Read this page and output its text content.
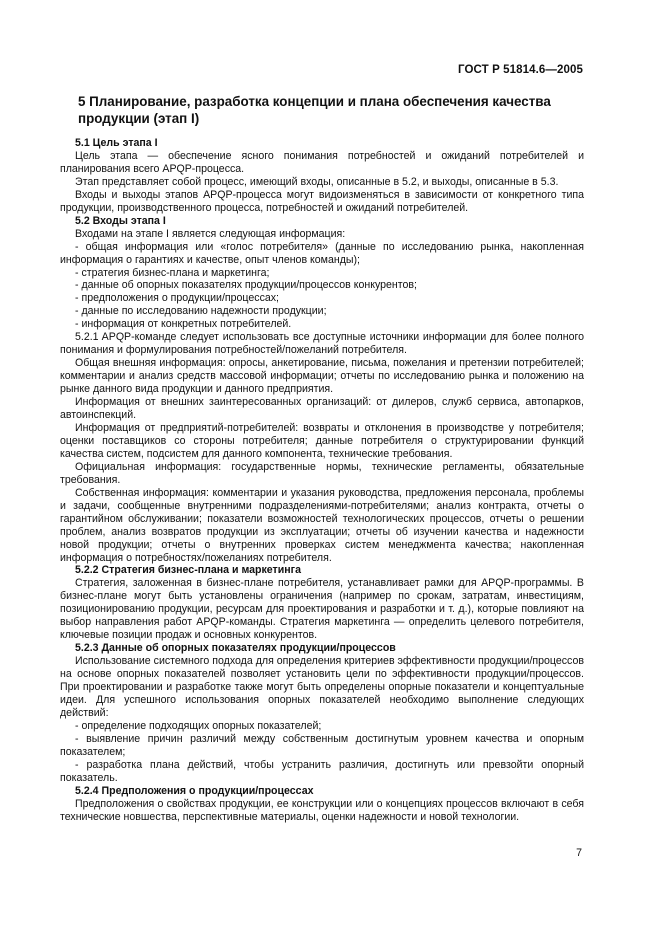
ГОСТ Р 51814.6—2005
5 Планирование, разработка концепции и плана обеспечения качества продукции (этап I)

5.1 Цель этапа I

Цель этапа — обеспечение ясного понимания потребностей и ожиданий потребителей и планирования всего APQP-процесса.

Этап представляет собой процесс, имеющий входы, описанные в 5.2, и выходы, описанные в 5.3.

Входы и выходы этапов APQP-процесса могут видоизменяться в зависимости от конкретного типа продукции, производственного процесса, потребностей и ожиданий потребителей.

5.2 Входы этапа I

Входами на этапе I является следующая информация:

- общая информация или «голос потребителя» (данные по исследованию рынка, накопленная информация о гарантиях и качестве, опыт членов команды);

- стратегия бизнес-плана и маркетинга;

- данные об опорных показателях продукции/процессов конкурентов;

- предположения о продукции/процессах;

- данные по исследованию надежности продукции;

- информация от конкретных потребителей.

5.2.1 APQP-команде следует использовать все доступные источники информации для более полного понимания и формулирования потребностей/пожеланий потребителя.

Общая внешняя информация: опросы, анкетирование, письма, пожелания и претензии потребителей; комментарии и анализ средств массовой информации; отчеты по исследованию рынка и положению на рынке данного вида продукции и данного предприятия.

Информация от внешних заинтересованных организаций: от дилеров, служб сервиса, автопарков, автоинспекций.

Информация от предприятий-потребителей: возвраты и отклонения в производстве у потребителя; оценки поставщиков со стороны потребителя; данные потребителя о структурировании функций качества систем, подсистем для данного компонента, технические требования.

Официальная информация: государственные нормы, технические регламенты, обязательные требования.

Собственная информация: комментарии и указания руководства, предложения персонала, проблемы и задачи, сообщенные внутренними подразделениями-потребителями; анализ контракта, отчеты о гарантийном обслуживании; показатели возможностей технологических процессов, отчеты о решении проблем, анализ возвратов продукции из эксплуатации; отчеты об изучении качества и надежности новой продукции; отчеты о внутренних проверках систем менеджмента качества; накопленная информация о потребностях/пожеланиях потребителя.

5.2.2 Стратегия бизнес-плана и маркетинга

Стратегия, заложенная в бизнес-плане потребителя, устанавливает рамки для APQP-программы. В бизнес-плане могут быть установлены ограничения (например по срокам, затратам, инвестициям, позиционированию продукции, ресурсам для проектирования и разработки и т. д.), которые повлияют на выбор направления работ APQP-команды. Стратегия маркетинга — определить целевого потребителя, ключевые позиции продаж и основных конкурентов.

5.2.3 Данные об опорных показателях продукции/процессов

Использование системного подхода для определения критериев эффективности продукции/процессов на основе опорных показателей позволяет установить цели по эффективности продукции/процессов. При проектировании и разработке также могут быть определены опорные показатели и концептуальные идеи. Для успешного использования опорных показателей необходимо выполнение следующих действий:

- определение подходящих опорных показателей;

- выявление причин различий между собственным достигнутым уровнем качества и опорным показателем;

- разработка плана действий, чтобы устранить различия, достигнуть или превзойти опорный показатель.

5.2.4 Предположения о продукции/процессах

Предположения о свойствах продукции, ее конструкции или о концепциях процессов включают в себя технические новшества, перспективные материалы, оценки надежности и новой технологии.

7
